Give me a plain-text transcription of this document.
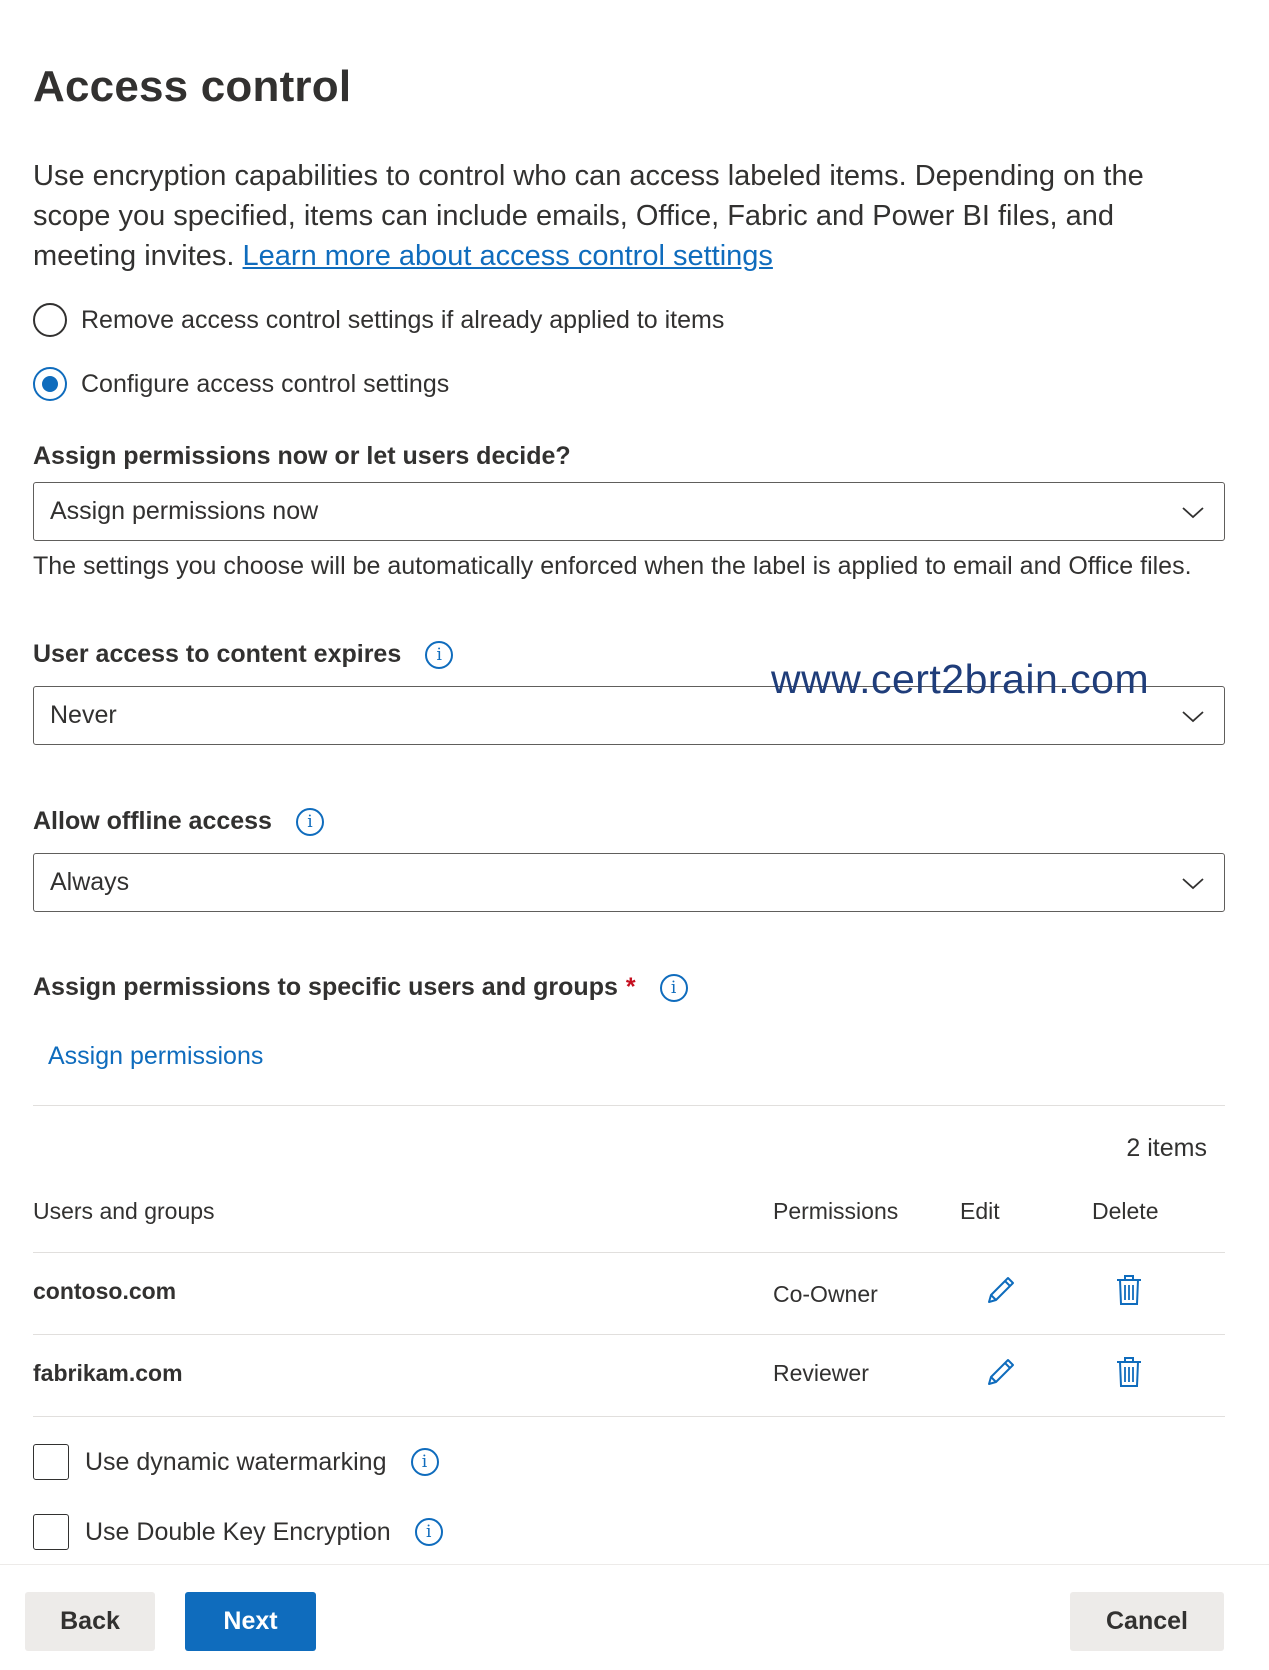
Access control

Use encryption capabilities to control who can access labeled items. Depending on the scope you specified, items can include emails, Office, Fabric and Power BI files, and meeting invites. Learn more about access control settings

Remove access control settings if already applied to items
Configure access control settings
Assign permissions now or let users decide?
Assign permissions now

The settings you choose will be automatically enforced when the label is applied to email and Office files.

User access to content expires	i
Never
www.cert2brain.com
Allow offline access	i
Always
Assign permissions to specific users and groups *	i
Assign permissions
2 items
Users and groups	Permissions	Edit	Delete
contoso.com	Co-Owner
fabrikam.com	Reviewer
Use dynamic watermarking	i
Use Double Key Encryption	i
Back	Next	Cancel
